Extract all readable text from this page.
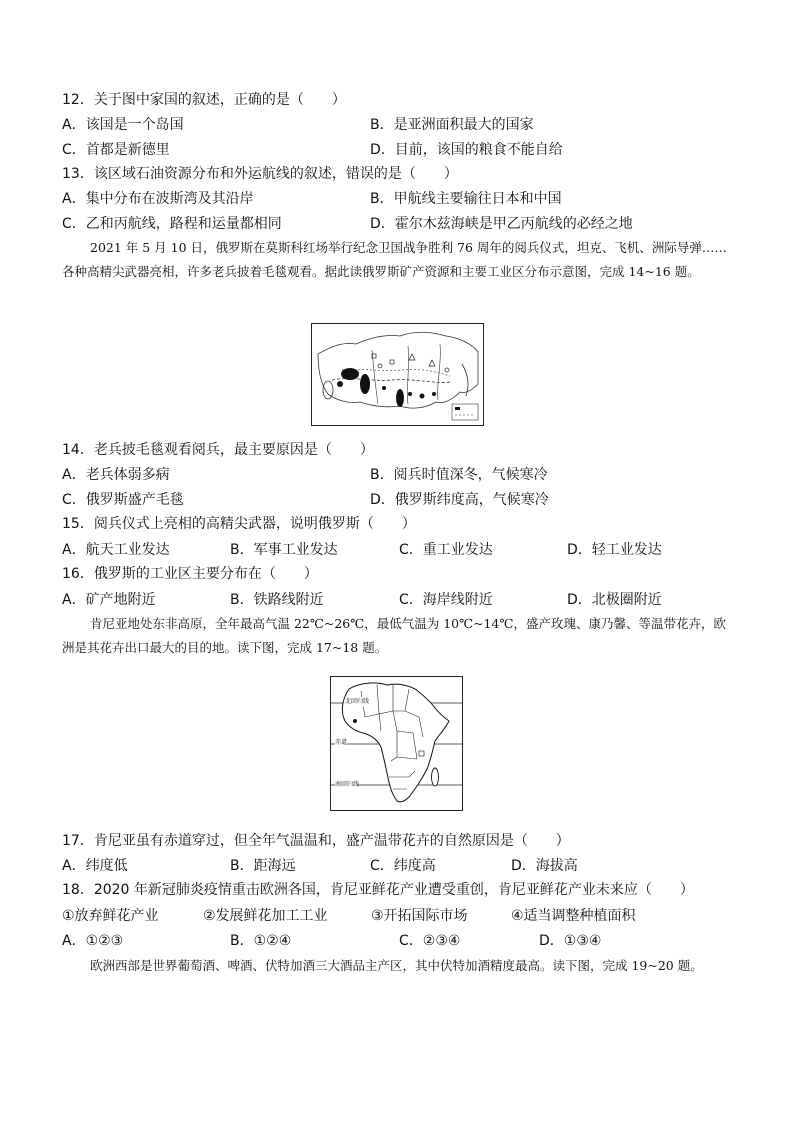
12．关于图中家国的叙述，正确的是（　　）
A．该国是一个岛国	B．是亚洲面积最大的国家
C．首都是新德里	D．目前，该国的粮食不能自给
13．该区域石油资源分布和外运航线的叙述，错误的是（　　）
A．集中分布在波斯湾及其沿岸	B．甲航线主要输往日本和中国
C．乙和丙航线，路程和运量都相同	D．霍尔木兹海峡是甲乙丙航线的必经之地
2021 年 5 月 10 日，俄罗斯在莫斯科红场举行纪念卫国战争胜利 76 周年的阅兵仪式，坦克、飞机、洲际导弹……各种高精尖武器亮相，许多老兵披着毛毯观看。据此读俄罗斯矿产资源和主要工业区分布示意图，完成 14~16 题。
14．老兵披毛毯观看阅兵，最主要原因是（　　）
A．老兵体弱多病	B．阅兵时值深冬，气候寒冷
C．俄罗斯盛产毛毯	D．俄罗斯纬度高，气候寒冷
15．阅兵仪式上亮相的高精尖武器，说明俄罗斯（　　）
A．航天工业发达	B．军事工业发达	C．重工业发达	D．轻工业发达
16．俄罗斯的工业区主要分布在（　　）
A．矿产地附近	B．铁路线附近	C．海岸线附近	D．北极圈附近
肯尼亚地处东非高原，全年最高气温 22℃~26℃，最低气温为 10℃~14℃，盛产玫瑰、康乃馨、等温带花卉，欧洲是其花卉出口最大的目的地。读下图，完成 17~18 题。
北回归线
赤道
南回归线
17．肯尼亚虽有赤道穿过，但全年气温温和，盛产温带花卉的自然原因是（　　）
A．纬度低	B．距海远	C．纬度高	D．海拔高
18．2020 年新冠肺炎疫情重击欧洲各国，肯尼亚鲜花产业遭受重创，肯尼亚鲜花产业未来应（　　）
①放弃鲜花产业	②发展鲜花加工工业	③开拓国际市场	④适当调整种植面积
A．①②③	B．①②④	C．②③④	D．①③④
欧洲西部是世界葡萄酒、啤酒、伏特加酒三大酒品主产区，其中伏特加酒精度最高。读下图，完成 19~20 题。
